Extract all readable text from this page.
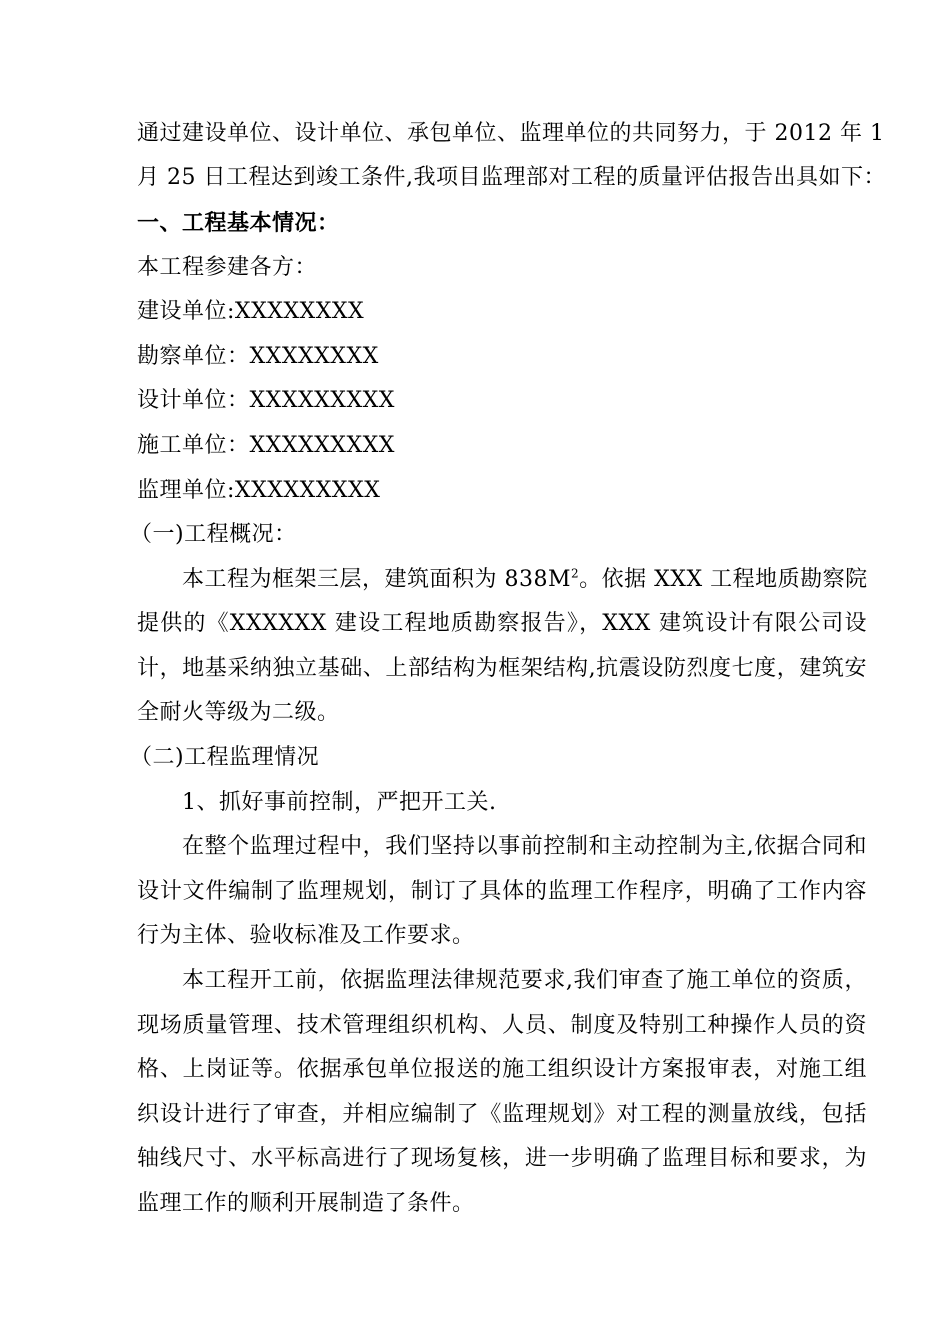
通过建设单位、设计单位、承包单位、监理单位的共同努力，于 2012 年 1
月 25 日工程达到竣工条件,我项目监理部对工程的质量评估报告出具如下：
一、工程基本情况：
本工程参建各方：
建设单位:XXXXXXXX
勘察单位：XXXXXXXX
设计单位：XXXXXXXXX
施工单位：XXXXXXXXX
监理单位:XXXXXXXXX
（一)工程概况：
本工程为框架三层，建筑面积为 $838M^2$。依据 XXX 工程地质勘察院
提供的《XXXXXX 建设工程地质勘察报告》，XXX 建筑设计有限公司设
计，地基采纳独立基础、上部结构为框架结构,抗震设防烈度七度，建筑安
全耐火等级为二级。
（二)工程监理情况
1、抓好事前控制，严把开工关.
在整个监理过程中，我们坚持以事前控制和主动控制为主,依据合同和
设计文件编制了监理规划，制订了具体的监理工作程序，明确了工作内容
行为主体、验收标准及工作要求。
本工程开工前，依据监理法律规范要求,我们审查了施工单位的资质，
现场质量管理、技术管理组织机构、人员、制度及特别工种操作人员的资
格、上岗证等。依据承包单位报送的施工组织设计方案报审表，对施工组
织设计进行了审查，并相应编制了《监理规划》对工程的测量放线，包括
轴线尺寸、水平标高进行了现场复核，进一步明确了监理目标和要求，为
监理工作的顺利开展制造了条件。
